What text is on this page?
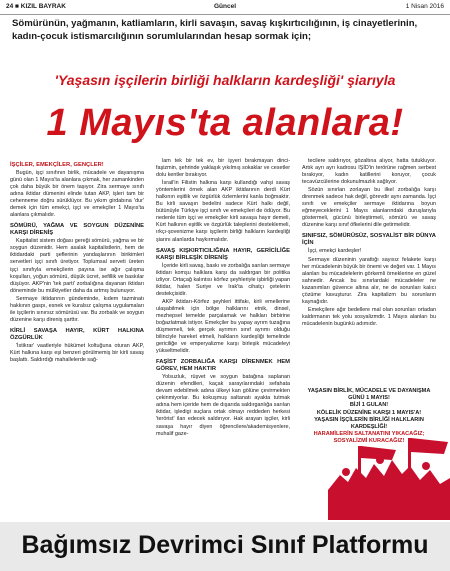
24 ■ KIZIL BAYRAK	Güncel	1 Nisan 2016
Sömürünün, yağmanın, katliamların, kirli savaşın, savaş kışkırtıcılığının, iş cinayetlerinin, kadın-çocuk istismarcılığının sorumlularından hesap sormak için;
'Yaşasın işçilerin birliği halkların kardeşliği' şiarıyla
1 Mayıs'ta alanlara!
İŞÇİLER, EMEKÇİLER, GENÇLER!

Bugün, işçi sınıfının birlik, mücadele ve dayanışma günü olan 1 Mayıs'ta alanlara çıkmak, her zamankinden çok daha büyük bir önem taşıyor. Zira sermaye sınıfı adına iktidar dümenini elinde tutan AKP, işleri tam bir cehenneme doğru sürüklüyor. Bu yıkım girdabına 'dur' demek için tüm emekçi, işçi ve emekçiler 1 Mayıs'ta alanlara çıkmalıdır.

SÖMÜRÜ, YAĞMA VE SOYGUN DÜZENİNE KARŞI DİRENİŞ

Kapitalist sistem doğası gereği sömürü, yağma ve bir soygun düzenidir. Hem asalak kapitalistlerin, hem de iktidardaki parti şeflerinin yandaşlarının birikimleri servetleri işçi sınıfı üretiyor. Toplumsal serveti üreten işçi sınıfıyla emekçilerin payına ise ağır çalışma koşulları, yoğun sömürü, düşük ücret, sefillik ve baskılar düşüyor. AKP'nin 'tek parti' zorbalığına dayanan iktidarı döneminde bu mülkiyetler daha da artmış bulunuyor.

Sermaye iktidarının gündeminde, kıdem tazminatı hakkının gaspı, esnek ve kuralsız çalışma uygulamaları ile işçilerin sınırsız sömürüsü var. Bu zorbalık ve soygun düzenine karşı direniş şarttır.

KİRLİ SAVAŞA HAYIR, KÜRT HALKINA ÖZGÜRLÜK

'İstikrar' vaatleriyle hükümet koltuğuna oturan AKP, Kürt halkına karşı eşi benzeri görülmemiş bir kirli savaş başlattı. Saldırdığı mahallelerde sağ-

lam tek bir tek ev, bir işyeri bırakmayan dinci-faşizmin, şehrinde yaklaşık yıkılmış sokaklar ve cesetler dolu kentler bırakıyor.

İsrail'in Filistin halkına karşı kullandığı vahşi savaş yöntemlerini örnek alan AKP iktidarının derdi Kürt halkının eşitlik ve özgürlük özlemlerini kanla boğmaktır. Bu kirli savaşın bedelini sadece Kürt halkı değil, bütünüyle Türkiye işçi sınıfı ve emekçileri de ödüyor. Bu nedenle tüm işçi ve emekçiler kirli savaşa hayır demeli, Kürt halkının eşitlik ve özgürlük taleplerini desteklemeli, ırkçı-şovenizme karşı işçilerin birliği halkların kardeşliği şiarını alanlarda haykırmalıdır.

SAVAŞ KIŞKIRTICILIĞINA HAYIR, GERİCİLİĞE KARŞI BİRLEŞİK DİRENİŞ

İçeride kirli savaş, baskı ve zorbalığa sarılan sermaye iktidarı komşu halklara karşı da saldırgan bir politika izliyor. Ortaçağ kalıntısı körfez şeyhleriyle işbirliği yapan iktidar, halen Suriye ve Irak'ta cihatçı çetelerin destekçisidir.

AKP iktidarı-Körfez şeyhleri ittifakı, kirli emellerine ulaşabilmek için bölge halklarını etnik, dinsel, mezhepsel temelde parçalamak ve halkları birbirine boğazlatmak istiyor. Emekçiler bu yapay ayrım tuzağına düşmemeli, tek gerçek ayrımın sınıf ayrımı olduğu bilinciyle hareket etmeli, halkların kardeşliği temelinde gericiliğe ve emperyalizme karşı birleşik mücadeleyi yükseltmelidir.

FAŞİST ZORBALIĞA KARŞI DİRENMEK HEM GÖREV, HEM HAKTIR

Yolsuzluk, rüşvet ve soygun batağına saplanan düzenin efendileri, kaçak sarayılarındaki sefahata devam edebilmek adına ülkeyi kan gölüne çevirmekten çekinmiyorlar. Bu kokuşmuş saltanatı ayakta tutmak adına hem içeride hem de dışarıda saldırganlığa sarılan iktidar, işledigi suçlara ortak olmayı reddeden herkesi 'terörist' ilan edecek saldırıyor. Hak arayan işçiler, kirli savaşa hayır diyen öğrencilere/akademisyenlere, muhalif gaze-

tecilere saldırıyor, gözaltına alıyor, hatta tutukluyor. Artık ayrı ayrı kadrosu IŞİD'in terörüne rağmen serbest bırakıyor, kadın katillerini koruyor, çocuk tecavüzcülerine dokunulmazlık sağlıyor.

Sözün sınırları zorlayan bu ilkel zorbalığa karşı direnmek sadece hak değil, görevdir aynı zamanda. İşçi sınıfı ve emekçiler sermaye iktidarına boyun eğmeyeceklerini 1 Mayıs alanlarındaki duruşlarıyla göstermeli, gücünü birleştirmeli, sömürü ve savaş düzenine karşı sınıf öfkelerini dile getirmelidir.

SINIFSIZ, SÖMÜRÜSÜZ, SOSYALİST BİR DÜNYA İÇİN

İşçi, emekçi kardeşler!

Sermaye düzeninin yarattığı sayısız felakete karşı her mücadelenin büyük bir önemi ve değeri var. 1 Mayıs alanları bu mücadelelerin görkemli örneklerine en güzel sahnedir. Ancak bu sınırlardaki mücadeleler ne kazanımları güvence altına alır, ne de sorunları kalıcı çözüme kavuşturur. Zira kapitalizm bu sorunların kaynağıdır.

Emekçilere ağır bedellere mal olan sorunları ortadan kaldırmanın tek yolu sosyalizmdir. 1 Mayıs alanları bu mücadelenin bugünkü adımıdır.

YAŞASIN BİRLİK, MÜCADELE VE DAYANIŞMA GÜNÜ 1 MAYIS!
BİJİ 1 GULAN!
KÖLELİK DÜZENİNE KARŞI 1 MAYIS'A!
YAŞASIN İŞÇİLERİN BİRLİĞİ HALKLARIN KARDEŞLİĞİ!
HARAMİLERİN SALTANATINI YIKACAĞIZ;
SOSYALİZMİ KURACAĞIZ!
Bağımsız Devrimci Sınıf Platformu
